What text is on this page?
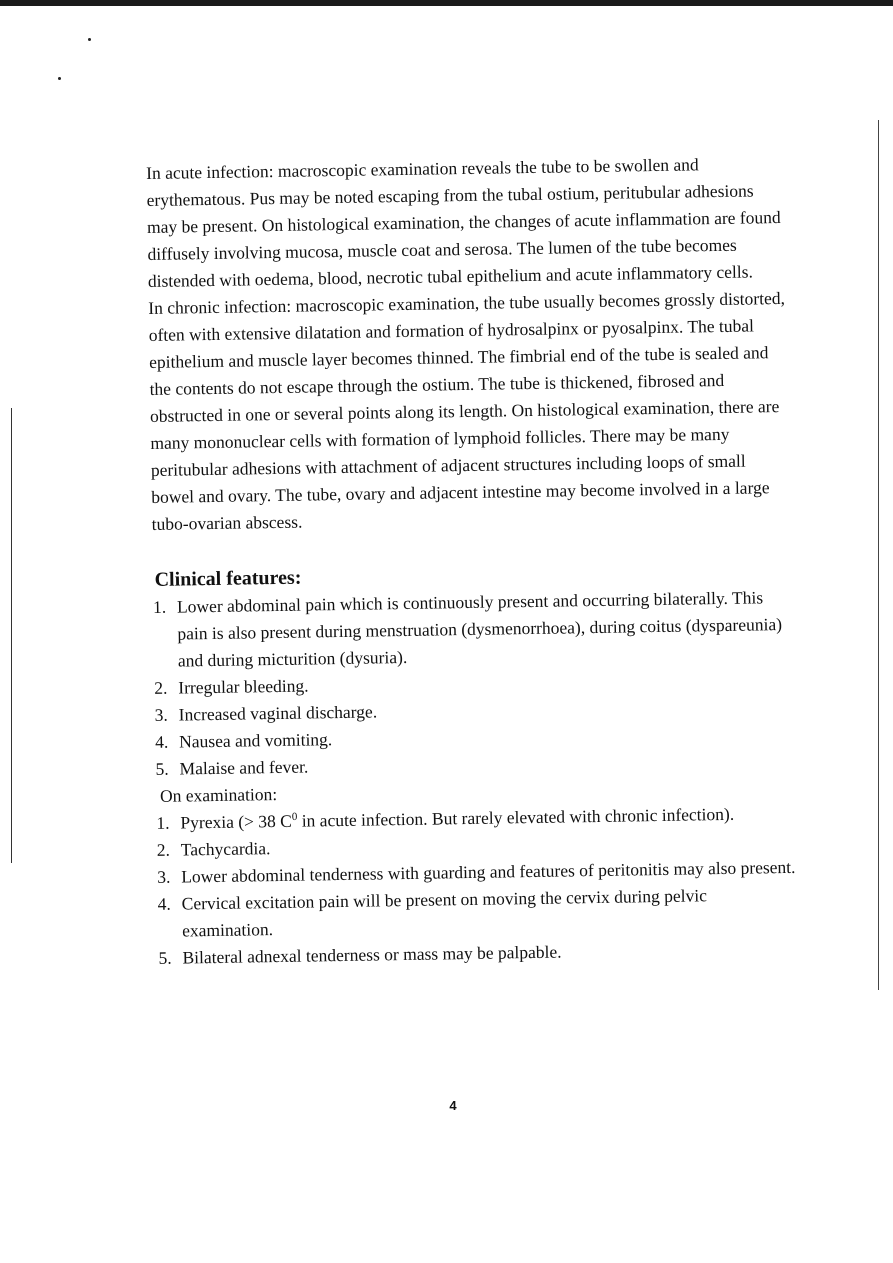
In acute infection: macroscopic examination reveals the tube to be swollen and erythematous. Pus may be noted escaping from the tubal ostium, peritubular adhesions may be present. On histological examination, the changes of acute inflammation are found diffusely involving mucosa, muscle coat and serosa. The lumen of the tube becomes distended with oedema, blood, necrotic tubal epithelium and acute inflammatory cells.

In chronic infection: macroscopic examination, the tube usually becomes grossly distorted, often with extensive dilatation and formation of hydrosalpinx or pyosalpinx. The tubal epithelium and muscle layer becomes thinned. The fimbrial end of the tube is sealed and the contents do not escape through the ostium. The tube is thickened, fibrosed and obstructed in one or several points along its length. On histological examination, there are many mononuclear cells with formation of lymphoid follicles. There may be many peritubular adhesions with attachment of adjacent structures including loops of small bowel and ovary. The tube, ovary and adjacent intestine may become involved in a large tubo-ovarian abscess.

Clinical features:
1. Lower abdominal pain which is continuously present and occurring bilaterally. This pain is also present during menstruation (dysmenorrhoea), during coitus (dyspareunia) and during micturition (dysuria).
2. Irregular bleeding.
3. Increased vaginal discharge.
4. Nausea and vomiting.
5. Malaise and fever.
On examination:
1. Pyrexia (> 38 $C^0$ in acute infection. But rarely elevated with chronic infection).
2. Tachycardia.
3. Lower abdominal tenderness with guarding and features of peritonitis may also present.
4. Cervical excitation pain will be present on moving the cervix during pelvic examination.
5. Bilateral adnexal tenderness or mass may be palpable.
4
